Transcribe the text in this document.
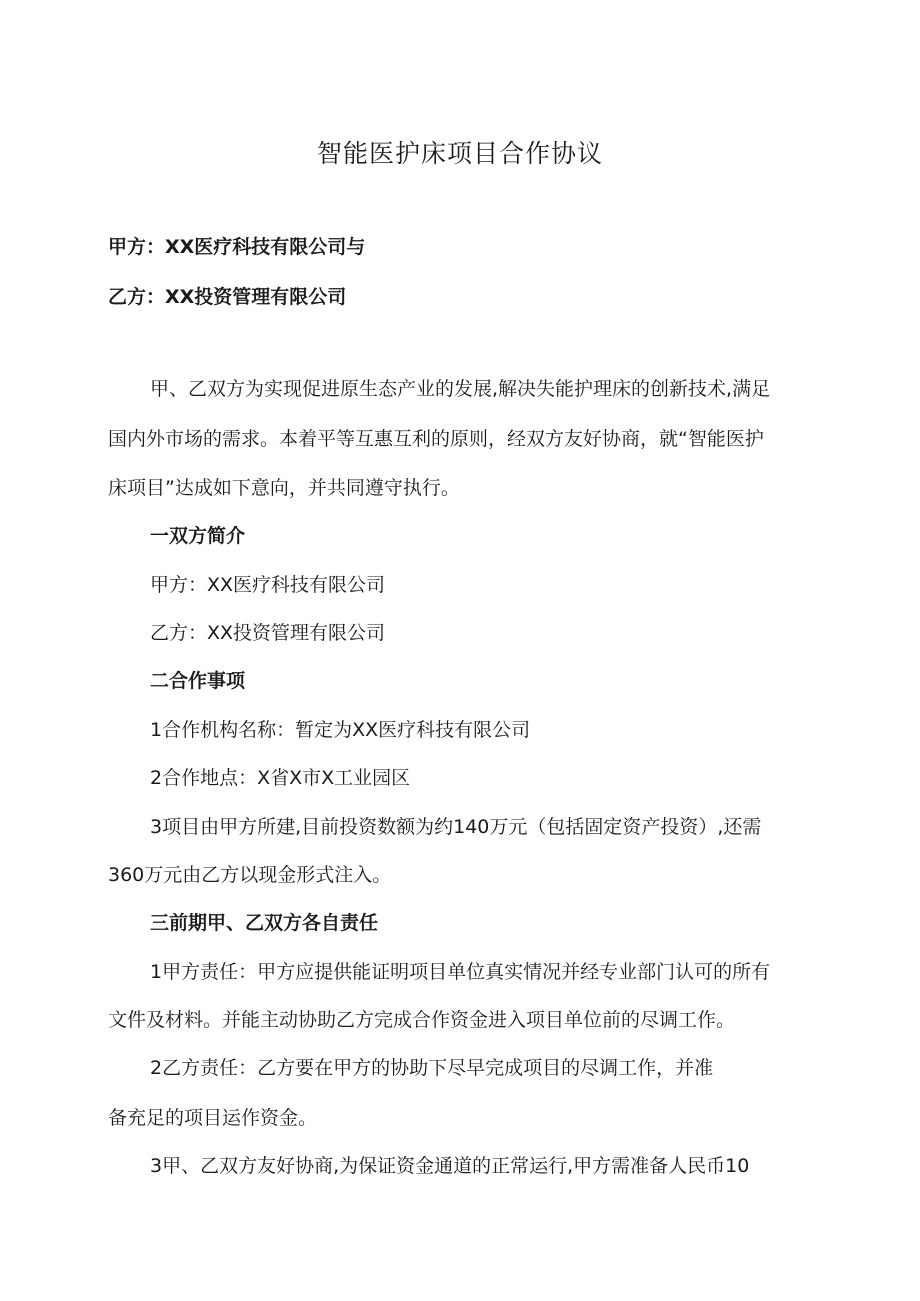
智能医护床项目合作协议

甲方：XX医疗科技有限公司与

乙方：XX投资管理有限公司

甲、乙双方为实现促进原生态产业的发展,解决失能护理床的创新技术,满足

国内外市场的需求。本着平等互惠互利的原则，经双方友好协商，就“智能医护

床项目”达成如下意向，并共同遵守执行。

一双方简介

甲方：XX医疗科技有限公司

乙方：XX投资管理有限公司

二合作事项

1合作机构名称：暂定为XX医疗科技有限公司

2合作地点：X省X市X工业园区

3项目由甲方所建,目前投资数额为约140万元（包括固定资产投资）,还需

360万元由乙方以现金形式注入。

三前期甲、乙双方各自责任

1甲方责任：甲方应提供能证明项目单位真实情况并经专业部门认可的所有

文件及材料。并能主动协助乙方完成合作资金进入项目单位前的尽调工作。

2乙方责任：乙方要在甲方的协助下尽早完成项目的尽调工作，并准

备充足的项目运作资金。

3甲、乙双方友好协商,为保证资金通道的正常运行,甲方需准备人民币10
